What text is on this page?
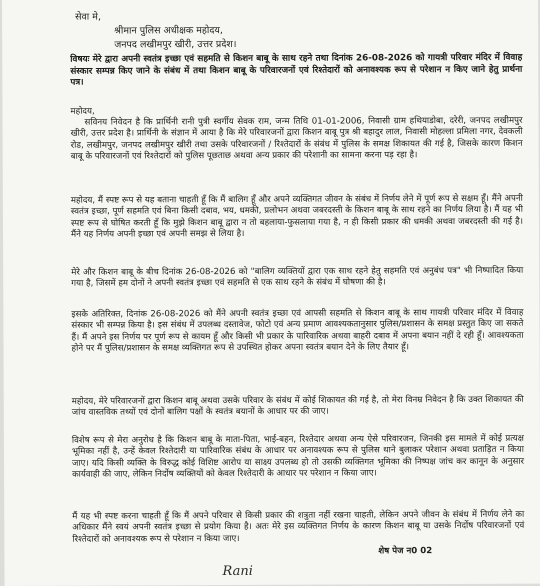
सेवा मे,
श्रीमान पुलिस अधीक्षक महोदय,
जनपद लखीमपुर खीरी, उत्तर प्रदेश।
विषयः मेरे द्वारा अपनी स्वतंत्र इच्छा एवं सहमति से किशन बाबू के साथ रहने तथा दिनांक 26-08-2026 को गायत्री परिवार मंदिर में विवाह संस्कार सम्पन्न किए जाने के संबंध में तथा किशन बाबू के परिवारजनों एवं रिश्तेदारों को अनावश्यक रूप से परेशान न किए जाने हेतु प्रार्थना पत्र।
महोदय,
सविनय निवेदन है कि प्रार्थिनी रानी पुत्री स्वर्गीय सेवक राम, जन्म तिथि 01-01-2006, निवासी ग्राम हथियाडोबा, दरेरी, जनपद लखीमपुर खीरी, उत्तर प्रदेश है। प्रार्थिनी के संज्ञान में आया है कि मेरे परिवारजनों द्वारा किशन बाबू पुत्र श्री बहादुर लाल, निवासी मोहल्ला प्रमिला नगर, देवकली रोड, लखीमपुर, जनपद लखीमपुर खीरी तथा उसके परिवारजनों / रिश्तेदारों के संबंध में पुलिस के समक्ष शिकायत की गई है, जिसके कारण किशन बाबू के परिवारजनों एवं रिश्तेदारों को पुलिस पूछताछ अथवा अन्य प्रकार की परेशानी का सामना करना पड़ रहा है।
महोदय, मैं स्पष्ट रूप से यह बताना चाहती हूँ कि मैं बालिग हूँ और अपने व्यक्तिगत जीवन के संबंध में निर्णय लेने में पूर्ण रूप से सक्षम हूँ। मैंने अपनी स्वतंत्र इच्छा, पूर्ण सहमति एवं बिना किसी दबाव, भय, धमकी, प्रलोभन अथवा जबरदस्ती के किशन बाबू के साथ रहने का निर्णय लिया है। मैं यह भी स्पष्ट रूप से घोषित करती हूँ कि मुझे किशन बाबू द्वारा न तो बहलाया-फुसलाया गया है, न ही किसी प्रकार की धमकी अथवा जबरदस्ती की गई है। मैंने यह निर्णय अपनी इच्छा एवं अपनी समझ से लिया है।
मेरे और किशन बाबू के बीच दिनांक 26-08-2026 को "बालिग व्यक्तियों द्वारा एक साथ रहने हेतु सहमति एवं अनुबंध पत्र" भी निष्पादित किया गया है, जिसमें हम दोनों ने अपनी स्वतंत्र इच्छा एवं सहमति से एक साथ रहने के संबंध में घोषणा की है।
इसके अतिरिक्त, दिनांक 26-08-2026 को मैंने अपनी स्वतंत्र इच्छा एवं आपसी सहमति से किशन बाबू के साथ गायत्री परिवार मंदिर में विवाह संस्कार भी सम्पन्न किया है। इस संबंध में उपलब्ध दस्तावेज, फोटो एवं अन्य प्रमाण आवश्यकतानुसार पुलिस/प्रशासन के समक्ष प्रस्तुत किए जा सकते हैं। मैं अपने इस निर्णय पर पूर्ण रूप से कायम हूँ और किसी भी प्रकार के पारिवारिक अथवा बाहरी दबाव में अपना बयान नहीं दे रही हूँ। आवश्यकता होने पर मैं पुलिस/प्रशासन के समक्ष व्यक्तिगत रूप से उपस्थित होकर अपना स्वतंत्र बयान देने के लिए तैयार हूँ।
महोदय, मेरे परिवारजनों द्वारा किशन बाबू अथवा उसके परिवार के संबंध में कोई शिकायत की गई है, तो मेरा विनम्र निवेदन है कि उक्त शिकायत की जांच वास्तविक तथ्यों एवं दोनों बालिग पक्षों के स्वतंत्र बयानों के आधार पर की जाए।
विशेष रूप से मेरा अनुरोध है कि किशन बाबू के माता-पिता, भाई-बहन, रिश्तेदार अथवा अन्य ऐसे परिवारजन, जिनकी इस मामले में कोई प्रत्यक्ष भूमिका नहीं है, उन्हें केवल रिश्तेदारी या पारिवारिक संबंध के आधार पर अनावश्यक रूप से पुलिस थाने बुलाकर परेशान अथवा प्रताड़ित न किया जाए। यदि किसी व्यक्ति के विरुद्ध कोई विशिष्ट आरोप या साक्ष्य उपलब्ध हो तो उसकी व्यक्तिगत भूमिका की निष्पक्ष जांच कर कानून के अनुसार कार्यवाही की जाए, लेकिन निर्दोष व्यक्तियों को केवल रिश्तेदारी के आधार पर परेशान न किया जाए।
मैं यह भी स्पष्ट करना चाहती हूँ कि मैं अपने परिवार से किसी प्रकार की शत्रुता नहीं रखना चाहती, लेकिन अपने जीवन के संबंध में निर्णय लेने का अधिकार मैंने स्वयं अपनी स्वतंत्र इच्छा से प्रयोग किया है। अतः मेरे इस व्यक्तिगत निर्णय के कारण किशन बाबू या उसके निर्दोष परिवारजनों एवं रिश्तेदारों को अनावश्यक रूप से परेशान न किया जाए।
शेष पेज न0 02
Rani
